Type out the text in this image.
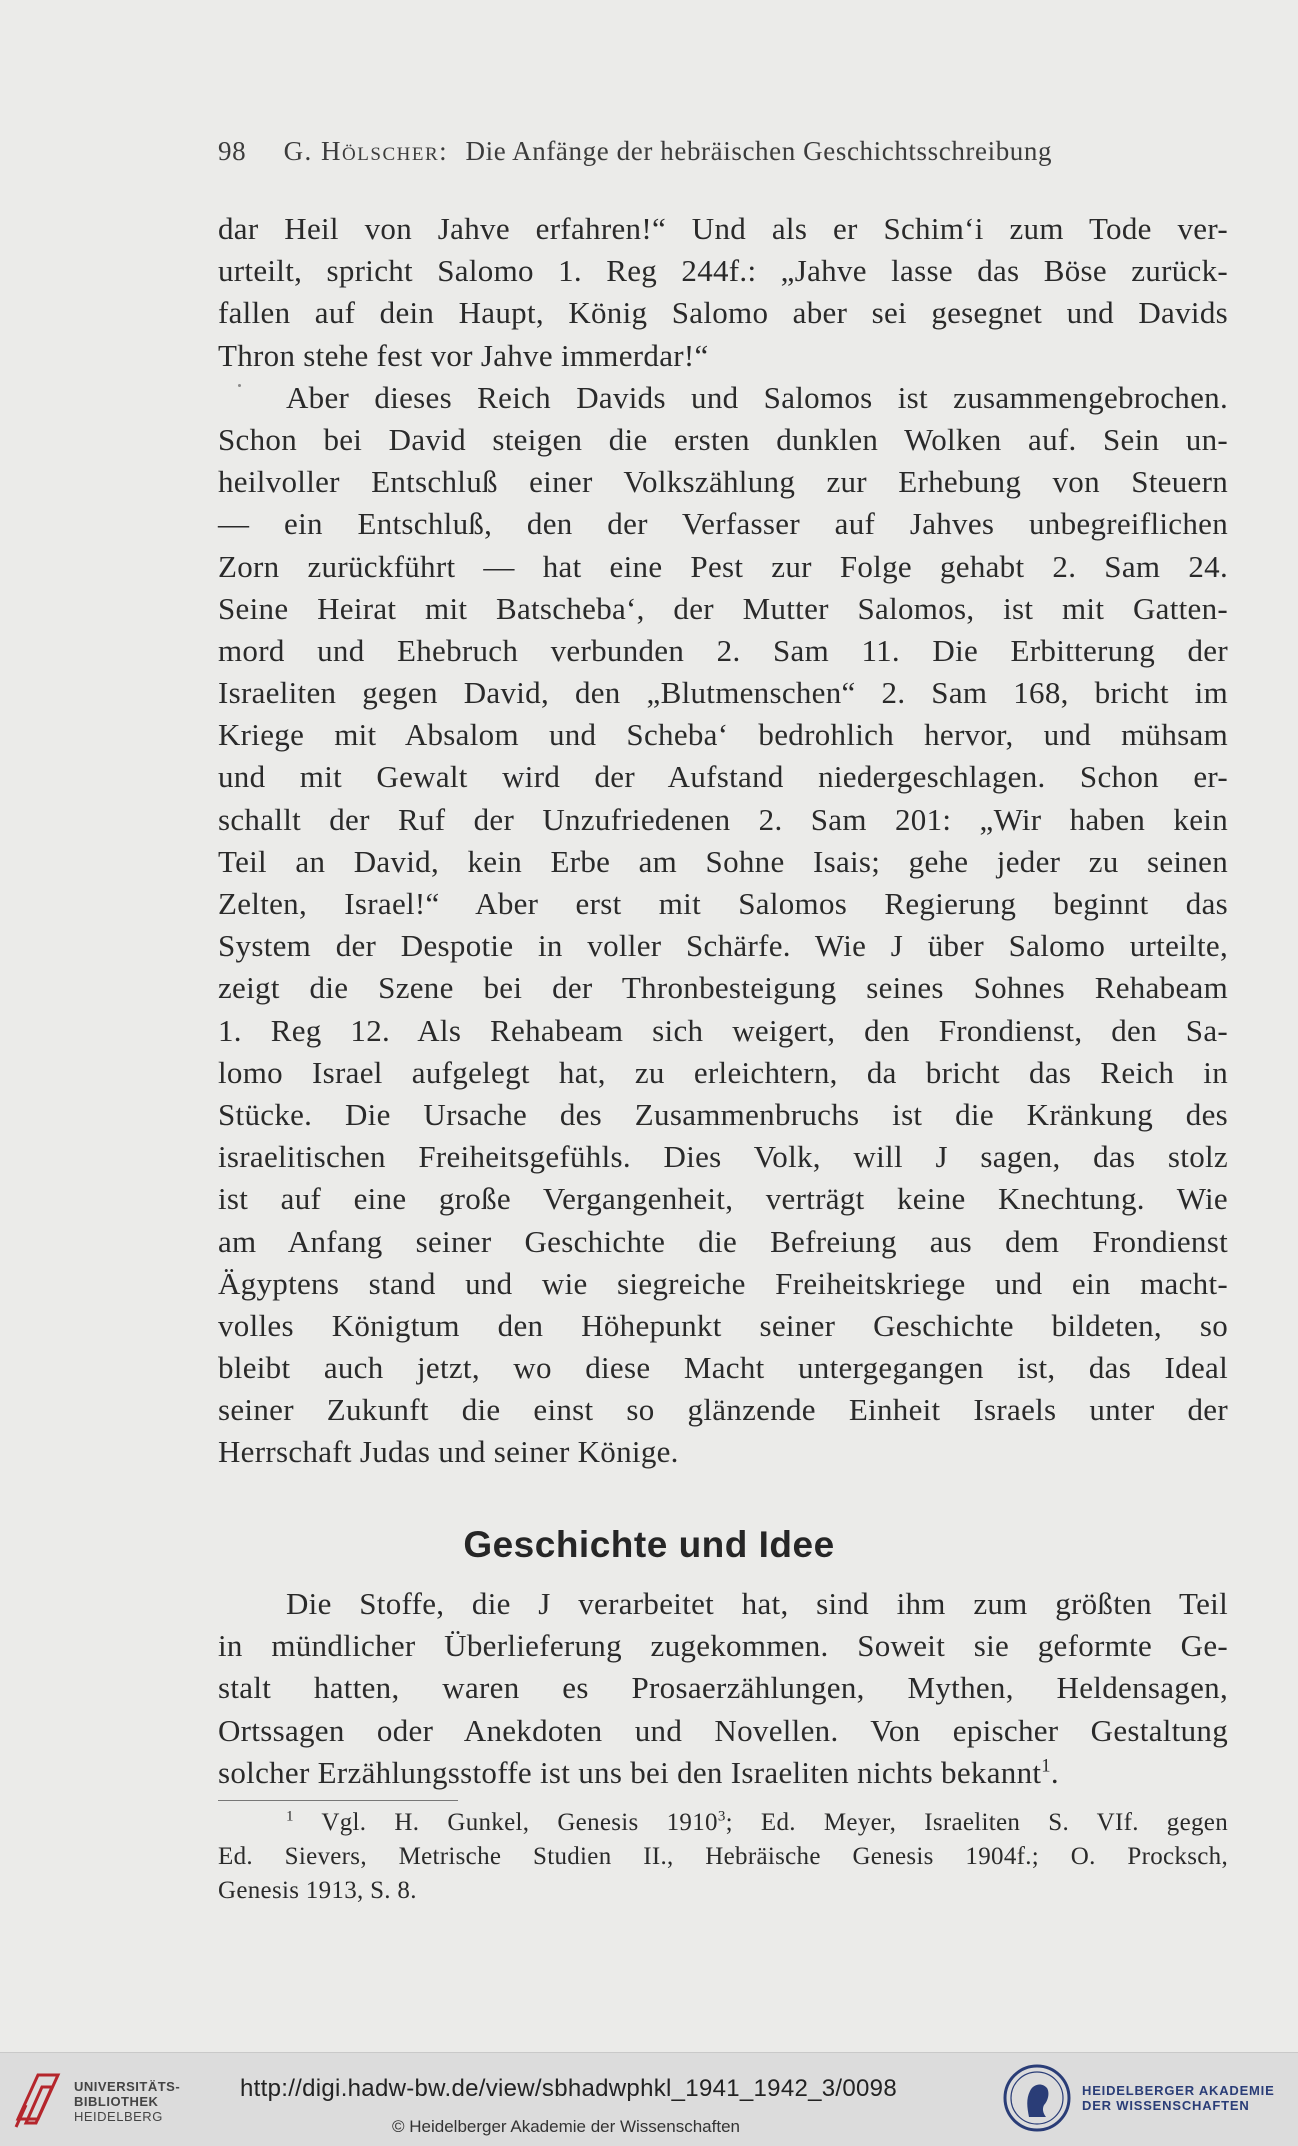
98 G. Hölscher: Die Anfänge der hebräischen Geschichtsschreibung
dar Heil von Jahve erfahren!“ Und als er Schim‘i zum Tode ver-
urteilt, spricht Salomo 1. Reg 244f.: „Jahve lasse das Böse zurück-
fallen auf dein Haupt, König Salomo aber sei gesegnet und Davids
Thron stehe fest vor Jahve immerdar!“
Aber dieses Reich Davids und Salomos ist zusammengebrochen.
Schon bei David steigen die ersten dunklen Wolken auf. Sein un-
heilvoller Entschluß einer Volkszählung zur Erhebung von Steuern
— ein Entschluß, den der Verfasser auf Jahves unbegreiflichen
Zorn zurückführt — hat eine Pest zur Folge gehabt 2. Sam 24.
Seine Heirat mit Batscheba‘, der Mutter Salomos, ist mit Gatten-
mord und Ehebruch verbunden 2. Sam 11. Die Erbitterung der
Israeliten gegen David, den „Blutmenschen“ 2. Sam 168, bricht im
Kriege mit Absalom und Scheba‘ bedrohlich hervor, und mühsam
und mit Gewalt wird der Aufstand niedergeschlagen. Schon er-
schallt der Ruf der Unzufriedenen 2. Sam 201: „Wir haben kein
Teil an David, kein Erbe am Sohne Isais; gehe jeder zu seinen
Zelten, Israel!“ Aber erst mit Salomos Regierung beginnt das
System der Despotie in voller Schärfe. Wie J über Salomo urteilte,
zeigt die Szene bei der Thronbesteigung seines Sohnes Rehabeam
1. Reg 12. Als Rehabeam sich weigert, den Frondienst, den Sa-
lomo Israel aufgelegt hat, zu erleichtern, da bricht das Reich in
Stücke. Die Ursache des Zusammenbruchs ist die Kränkung des
israelitischen Freiheitsgefühls. Dies Volk, will J sagen, das stolz
ist auf eine große Vergangenheit, verträgt keine Knechtung. Wie
am Anfang seiner Geschichte die Befreiung aus dem Frondienst
Ägyptens stand und wie siegreiche Freiheitskriege und ein macht-
volles Königtum den Höhepunkt seiner Geschichte bildeten, so
bleibt auch jetzt, wo diese Macht untergegangen ist, das Ideal
seiner Zukunft die einst so glänzende Einheit Israels unter der
Herrschaft Judas und seiner Könige.
Geschichte und Idee
Die Stoffe, die J verarbeitet hat, sind ihm zum größten Teil
in mündlicher Überlieferung zugekommen. Soweit sie geformte Ge-
stalt hatten, waren es Prosaerzählungen, Mythen, Heldensagen,
Ortssagen oder Anekdoten und Novellen. Von epischer Gestaltung
solcher Erzählungsstoffe ist uns bei den Israeliten nichts bekannt$^1$.
$^1$ Vgl. H. Gunkel, Genesis 1910$^3$; Ed. Meyer, Israeliten S. VIf. gegen
Ed. Sievers, Metrische Studien II., Hebräische Genesis 1904f.; O. Procksch,
Genesis 1913, S. 8.
UNIVERSITÄTS-
BIBLIOTHEK
HEIDELBERG
http://digi.hadw-bw.de/view/sbhadwphkl_1941_1942_3/0098
© Heidelberger Akademie der Wissenschaften
HEIDELBERGER AKADEMIE
DER WISSENSCHAFTEN
